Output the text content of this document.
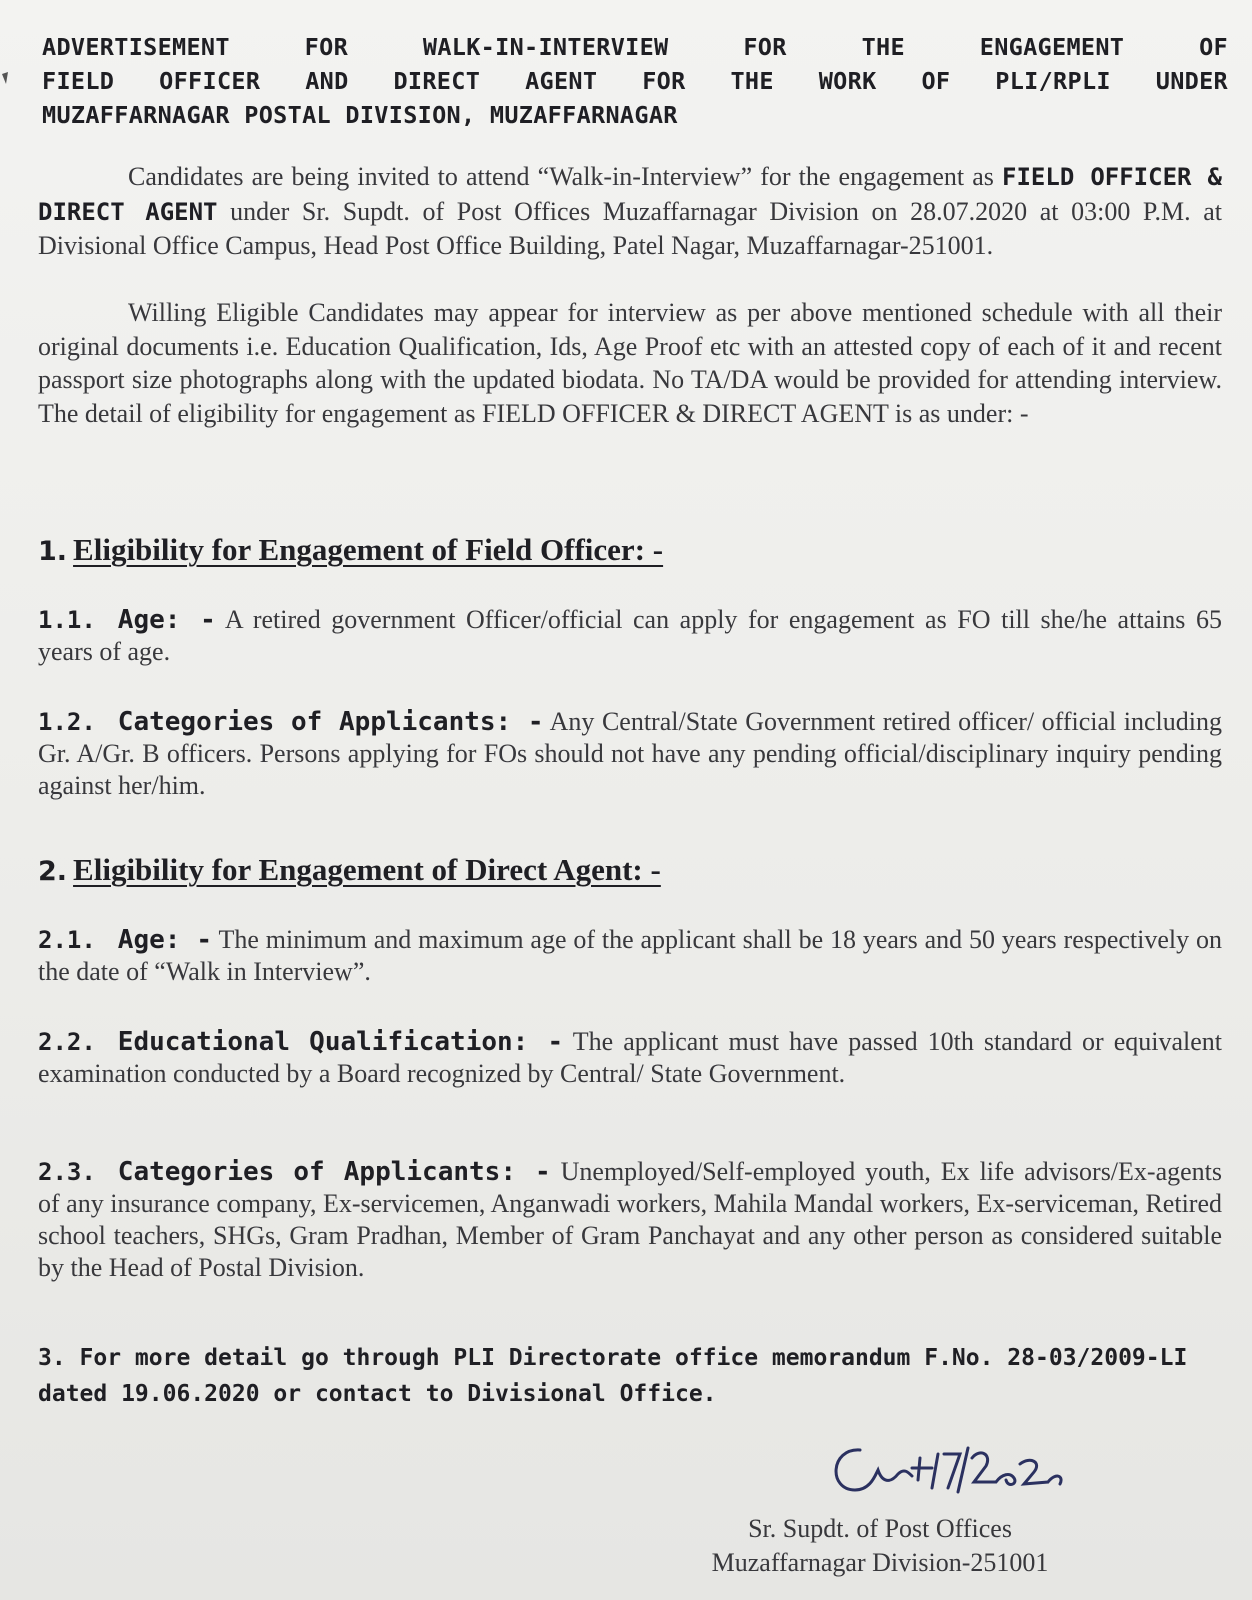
ADVERTISEMENT FOR WALK-IN-INTERVIEW FOR THE ENGAGEMENT OF
FIELD OFFICER AND DIRECT AGENT FOR THE WORK OF PLI/RPLI UNDER

MUZAFFARNAGAR POSTAL DIVISION, MUZAFFARNAGAR
Candidates are being invited to attend “Walk-in-Interview” for the engagement as FIELD OFFICER & DIRECT AGENT under Sr. Supdt. of Post Offices Muzaffarnagar Division on 28.07.2020 at 03:00 P.M. at Divisional Office Campus, Head Post Office Building, Patel Nagar, Muzaffarnagar-251001.
Willing Eligible Candidates may appear for interview as per above mentioned schedule with all their original documents i.e. Education Qualification, Ids, Age Proof etc with an attested copy of each of it and recent passport size photographs along with the updated biodata. No TA/DA would be provided for attending interview. The detail of eligibility for engagement as FIELD OFFICER & DIRECT AGENT is as under: -
1. Eligibility for Engagement of Field Officer: -
1.1. Age: - A retired government Officer/official can apply for engagement as FO till she/he attains 65 years of age.
1.2. Categories of Applicants: - Any Central/State Government retired officer/ official including Gr. A/Gr. B officers. Persons applying for FOs should not have any pending official/disciplinary inquiry pending against her/him.
2. Eligibility for Engagement of Direct Agent: -
2.1. Age: - The minimum and maximum age of the applicant shall be 18 years and 50 years respectively on the date of “Walk in Interview”.
2.2. Educational Qualification: - The applicant must have passed 10th standard or equivalent examination conducted by a Board recognized by Central/ State Government.
2.3. Categories of Applicants: - Unemployed/Self-employed youth, Ex life advisors/Ex-agents of any insurance company, Ex-servicemen, Anganwadi workers, Mahila Mandal workers, Ex-serviceman, Retired school teachers, SHGs, Gram Pradhan, Member of Gram Panchayat and any other person as considered suitable by the Head of Postal Division.
3. For more detail go through PLI Directorate office memorandum F.No. 28-03/2009-LI dated 19.06.2020 or contact to Divisional Office.
Sr. Supdt. of Post Offices
Muzaffarnagar Division-251001
